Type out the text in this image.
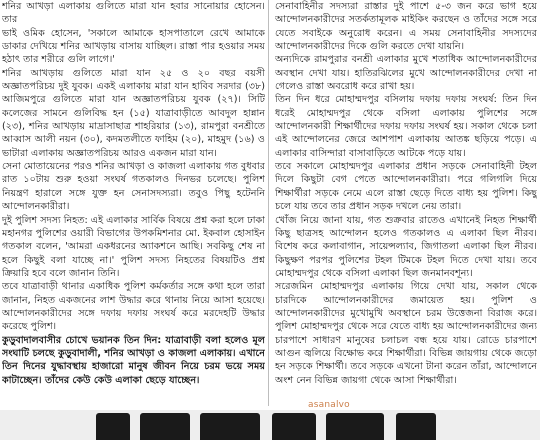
শনির আখড়া এলাকায় গুলিতে মারা যান হবার সানোয়ার হোসেন। তার

ভাই ওমিক হোসেন, 'সকালে আমাকে হাসপাতালে রেখে আমাকে ডাকার দেখিয়ে শনির আখড়ায় বাসায় যাচ্ছিল। রাস্তা পার হওয়ার সময় হঠাৎ তার শরীরে গুলি লাগে।'

শনির আখড়ায় গুলিতে মারা যান ২৫ ও ২০ বছর বয়সী অজ্ঞাতপরিচয় দুই যুবক। একই এলাকায় মারা যান হাবিব সরদার (৩৮) আজিমপুরে গুলিতে মারা যান অজ্ঞাতপরিচয় যুবক (২৭)। সিটি কলেজের সামনে গুলিবিদ্ধ হন (১৫) যাত্রাবাড়ীতে আবদুল হান্নান (২৩), শনির আখড়ায় মাদ্রাসাছাত্র শাহরিয়ার (১৩), রামপুরা বনশ্রীতে আব্বাস আলী নয়ন (৩০), কদমতলীতে ফাহিম (২০), মাহমুদ (১৬) ও ভাটারা এলাকায় অজ্ঞাতপরিচয় আরও একজন মারা যান।

সেনা মোতায়েনের পরও শনির আখড়া ও কাজলা এলাকায় গত বুধবার রাত ১০টায় শুরু হওয়া সংঘর্ষ গতকালও দিনভর চলেছে। পুলিশ নিয়ন্ত্রণ হারালে সঙ্গে যুক্ত হন সেনাসদস্যরা। তবুও পিছু হটেননি আন্দোলনকারীরা।

দুই পুলিশ সদস্য নিহত: এই এলাকার সার্বিক বিষয়ে প্রশ্ন করা হলে ঢাকা মহানগর পুলিশের ওয়ারী বিভাগের উপকমিশনার মো. ইকবাল হোসাইন গতকাল বলেন, 'আমরা একধরনের অ্যাকশনে আছি। সবকিছু শেষ না হলে কিছুই বলা যাচ্ছে না।' পুলিশ সদস্য নিহতের বিষয়টিও প্রশ্ন ক্রিয়ারি হবে বলে জানান তিনি।

তবে যাত্রাবাড়ী থানার একাধিক পুলিশ কর্মকর্তার সঙ্গে কথা হলে তারা জানান, নিহত একজনের লাশ উদ্ধার করে থানায় নিয়ে আসা হয়েছে। আন্দোলনকারীদের সঙ্গে দফায় দফায় সংঘর্ষ করে মরদেহটি উদ্ধার করেছে পুলিশ।

কুড়ুবাদালবাসীর চোখে ভয়ানক তিন দিন: যাত্রাবাড়ী বলা হলেও মূল সংঘাটি চলছে কুড়ুবাদালী, শনির আখড়া ও কাজলা এলাকায়। এখানে তিন দিনের যুদ্ধাবস্থায় হাজারো মানুষ জীবন নিয়ে চরম ভয়ে সময় কাটাচ্ছেন। তাঁদের কেউ কেউ এলাকা ছেড়ে যাচ্ছেন।

সেনাবাহিনীর সদস্যরা রাস্তার দুই পাশে ৫-৩ জন করে ভাগ হয়ে আন্দোলনকারীদের সতর্কতামূলক মাইকিং করছেন ও তাঁদের সঙ্গে সরে যেতে সবাইকে অনুরোধ করেন। এ সময় সেনাবাহিনীর সদস্যদের আন্দোলনকারীদের দিকে গুলি করতে দেখা যায়নি।

অন্যদিকে রামপুরার বনশ্রী এলাকার মুখে শতাধিক আন্দোলনকারীদের অবস্থান দেখা যায়। হাতিরঝিলের মুখে আন্দোলনকারীদের দেখা না গেলেও রাস্তা অবরোধ করে রাখা হয়।

তিন দিন ধরে মোহাম্মদপুর বসিলায় দফায় দফায় সংঘর্ষ: তিন দিন ধরেই মোহাম্মদপুর থেকে বসিলা এলাকায় পুলিশের সঙ্গে আন্দোলনকারী শিক্ষার্থীদের দফায় দফায় সংঘর্ষ হয়। সকাল থেকে চলা এই আন্দোলনের জেরে আশপাশ এলাকায় আতঙ্ক ছড়িয়ে পড়ে। এ এলাকার বাসিন্দারা বাসাবাড়িতে আটকে পড়ে যায়।

তবে সকালে মোহাম্মদপুর এলাকার প্রধান সড়কে সেনাবাহিনী টহল দিলে কিছুটা বেগ পেতে আন্দোলনকারীরা। পরে গলিগলি দিয়ে শিক্ষার্থীরা সড়কে নেমে এলে রাস্তা ছেড়ে দিতে বাধ্য হয় পুলিশ। কিছু চলে যায় তবে তার প্রধান সড়ক দখলে নেয় তারা।

খোঁজ নিয়ে জানা যায়, গত শুক্রবার রাতেও এখানেই নিহত শিক্ষার্থী কিছু ছাত্রসহ আন্দোলন হলেও গতকালও এ এলাকা ছিল নীরব। বিশেষ করে কলাবাগান, সায়েন্সল্যাব, জিগাতলা এলাকা ছিল নীরব। কিছুক্ষণ পরপর পুলিশের টহল টিমকে টহল দিতে দেখা যায়। তবে মোহাম্মদপুর থেকে বসিলা এলাকা ছিল জনমানবশূন্য।

সরেজমিন মোহাম্মদপুর এলাকায় গিয়ে দেখা যায়, সকাল থেকে চারদিকে আন্দোলনকারীদের জমায়েত হয়। পুলিশ ও আন্দোলনকারীদের মুখোমুখি অবস্থানে চরম উত্তেজনা বিরাজ করে। পুলিশ মোহাম্মদপুর থেকে সরে যেতে বাধ্য হয় আন্দোলনকারীদের জন্য চারপাশে সাধারণ মানুষের চলাচল বন্ধ হয়ে যায়। রোডে চারপাশে আগুন জ্বলিয়ে বিক্ষোভ করে শিক্ষার্থীরা। বিভিন্ন জায়গায় থেকে জড়ো হন সড়কে শিক্ষার্থী। তবে সড়কে এখনো টানা করেন তাঁরা, আন্দোলনে অংশ নেন বিভিন্ন জায়গা থেকে আসা শিক্ষার্থীরা।

asanalvo
